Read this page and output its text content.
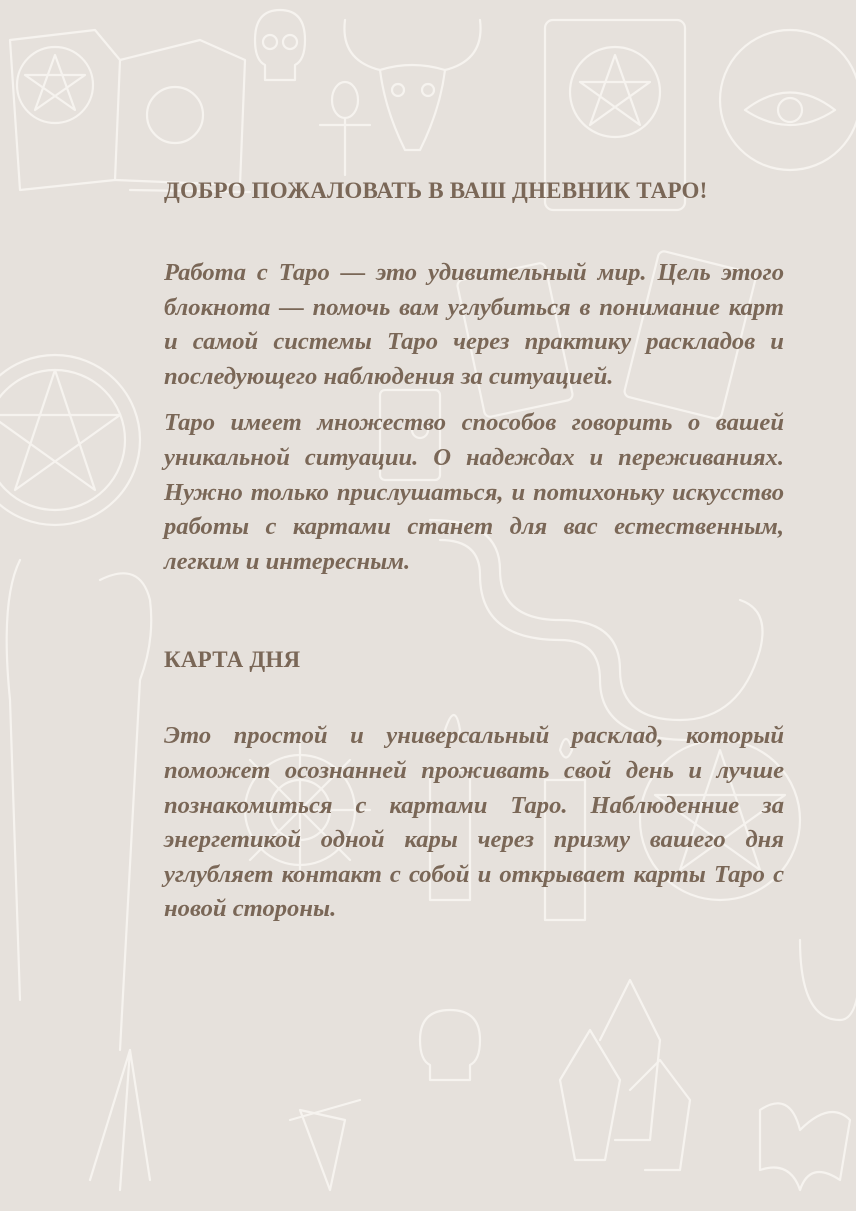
ДОБРО ПОЖАЛОВАТЬ В ВАШ ДНЕВНИК ТАРО!

Работа с Таро — это удивительный мир. Цель этого блокнота — помочь вам углубиться в понимание карт и самой системы Таро через практику раскладов и последующего наблюдения за ситуацией.

Таро имеет множество способов говорить о вашей уникальной ситуации. О надеждах и переживаниях. Нужно только прислушаться, и потихоньку искусство работы с картами станет для вас естественным, легким и интересным.

КАРТА ДНЯ

Это простой и универсальный расклад, который поможет осознанней проживать свой день и лучше познакомиться с картами Таро. Наблюденние за энергетикой одной кары через призму вашего дня углубляет контакт с собой и открывает карты Таро с новой стороны.
